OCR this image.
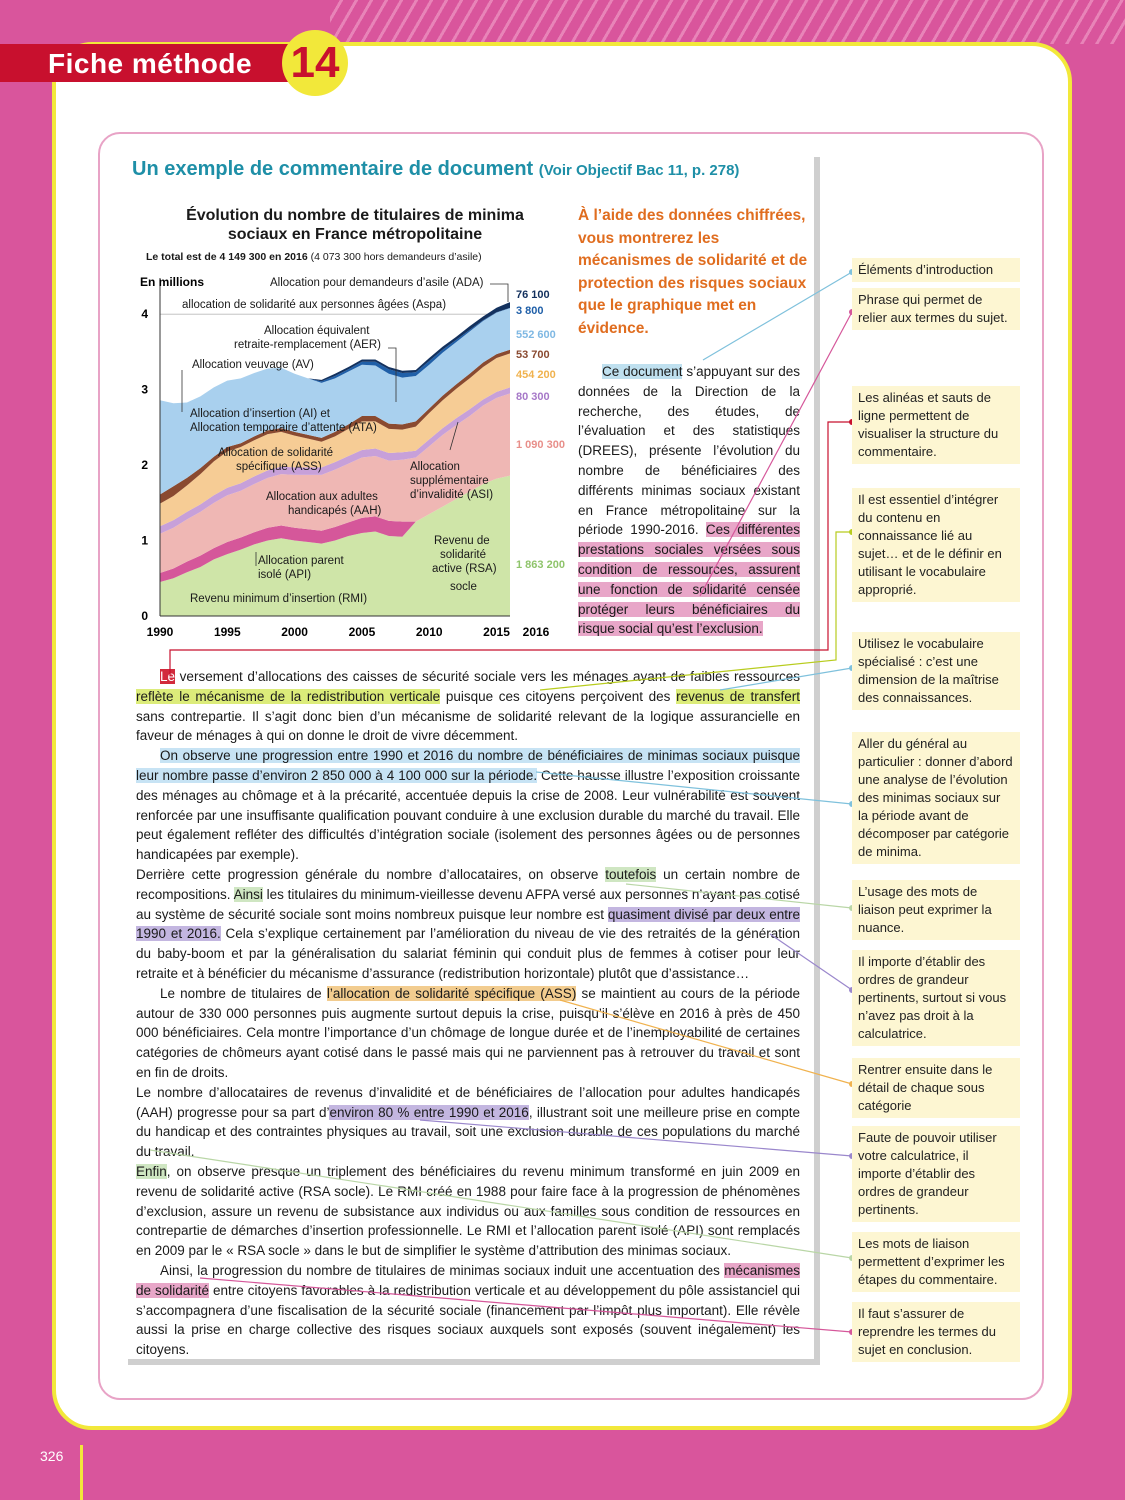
Fiche méthode 14
Un exemple de commentaire de document (Voir Objectif Bac 11, p. 278)
Évolution du nombre de titulaires de minima sociaux en France métropolitaine
Le total est de 4 149 300 en 2016 (4 073 300 hors demandeurs d’asile)
0
1
2
3
4
En millions
1990	1995	2000	2005	2010	2015 2016
Allocation pour demandeurs d’asile (ADA)
allocation de solidarité aux personnes âgées (Aspa)
Allocation équivalent
retraite-remplacement (AER)
Allocation veuvage (AV)
Allocation d’insertion (AI) et
Allocation temporaire d’attente (ATA)
Allocation de solidarité
spécifique (ASS)	Allocation
supplémentaire
d’invalidité (ASI)
Allocation aux adultes
handicapés (AAH)
Revenu de
solidarité
active (RSA)
socle
Allocation parent
isolé (API)
Revenu minimum d’insertion (RMI)
76 100
3 800
552 600
53 700
454 200
80 300
1 090 300
1 863 200
À l’aide des données chiffrées, vous montrerez les mécanismes de solidarité et de protection des risques sociaux que le graphique met en évidence.
Ce document s’appuyant sur des données de la Direction de la recherche, des études, de l’évaluation et des statistiques (DREES), présente l’évolution du nombre de bénéficiaires des différents minimas sociaux existant en France métropolitaine sur la période 1990-2016. Ces différentes prestations sociales versées sous condition de ressources, assurent une fonction de solidarité censée protéger leurs bénéficiaires du risque social qu’est l’exclusion.

Le versement d’allocations des caisses de sécurité sociale vers les ménages ayant de faibles ressources reflète le mécanisme de la redistribution verticale puisque ces citoyens perçoivent des revenus de transfert sans contrepartie. Il s’agit donc bien d’un mécanisme de solidarité relevant de la logique assurancielle en faveur de ménages à qui on donne le droit de vivre décemment.

On observe une progression entre 1990 et 2016 du nombre de bénéficiaires de minimas sociaux puisque leur nombre passe d’environ 2 850 000 à 4 100 000 sur la période. Cette hausse illustre l’exposition croissante des ménages au chômage et à la précarité, accentuée depuis la crise de 2008. Leur vulnérabilité est souvent renforcée par une insuffisante qualification pouvant conduire à une exclusion durable du marché du travail. Elle peut également refléter des difficultés d’intégration sociale (isolement des personnes âgées ou de personnes handicapées par exemple).

Derrière cette progression générale du nombre d’allocataires, on observe toutefois un certain nombre de recompositions. Ainsi les titulaires du minimum-vieillesse devenu AFPA versé aux personnes n’ayant pas cotisé au système de sécurité sociale sont moins nombreux puisque leur nombre est quasiment divisé par deux entre 1990 et 2016. Cela s’explique certainement par l’amélioration du niveau de vie des retraités de la génération du baby-boom et par la généralisation du salariat féminin qui conduit plus de femmes à cotiser pour leur retraite et à bénéficier du mécanisme d’assurance (redistribution horizontale) plutôt que d’assistance…

Le nombre de titulaires de l’allocation de solidarité spécifique (ASS) se maintient au cours de la période autour de 330 000 personnes puis augmente surtout depuis la crise, puisqu’il s’élève en 2016 à près de 450 000 bénéficiaires. Cela montre l’importance d’un chômage de longue durée et de l’inemployabilité de certaines catégories de chômeurs ayant cotisé dans le passé mais qui ne parviennent pas à retrouver du travail et sont en fin de droits.

Le nombre d’allocataires de revenus d’invalidité et de bénéficiaires de l’allocation pour adultes handicapés (AAH) progresse pour sa part d’environ 80 % entre 1990 et 2016, illustrant soit une meilleure prise en compte du handicap et des contraintes physiques au travail, soit une exclusion durable de ces populations du marché du travail.

Enfin, on observe presque un triplement des bénéficiaires du revenu minimum transformé en juin 2009 en revenu de solidarité active (RSA socle). Le RMI créé en 1988 pour faire face à la progression de phénomènes d’exclusion, assure un revenu de subsistance aux individus ou aux familles sous condition de ressources en contrepartie de démarches d’insertion professionnelle. Le RMI et l’allocation parent isolé (API) sont remplacés en 2009 par le « RSA socle » dans le but de simplifier le système d’attribution des minimas sociaux.

Ainsi, la progression du nombre de titulaires de minimas sociaux induit une accentuation des mécanismes de solidarité entre citoyens favorables à la redistribution verticale et au développement du pôle assistanciel qui s’accompagnera d’une fiscalisation de la sécurité sociale (financement par l’impôt plus important). Elle révèle aussi la prise en charge collective des risques sociaux auxquels sont exposés (souvent inégalement) les citoyens.

Éléments d’introduction
Phrase qui permet de relier aux termes du sujet.
Les alinéas et sauts de ligne permettent de visualiser la structure du commentaire.
Il est essentiel d’intégrer du contenu en connaissance lié au sujet… et de le définir en utilisant le vocabulaire approprié.
Utilisez le vocabulaire spécialisé : c’est une dimension de la maîtrise des connaissances.
Aller du général au particulier : donner d’abord une analyse de l’évolution des minimas sociaux sur la période avant de décomposer par catégorie de minima.
L’usage des mots de liaison peut exprimer la nuance.
Il importe d’établir des ordres de grandeur pertinents, surtout si vous n’avez pas droit à la calculatrice.
Rentrer ensuite dans le détail de chaque sous catégorie
Faute de pouvoir utiliser votre calculatrice, il importe d’établir des ordres de grandeur pertinents.
Les mots de liaison permettent d’exprimer les étapes du commentaire.
Il faut s’assurer de reprendre les termes du sujet en conclusion.
326
